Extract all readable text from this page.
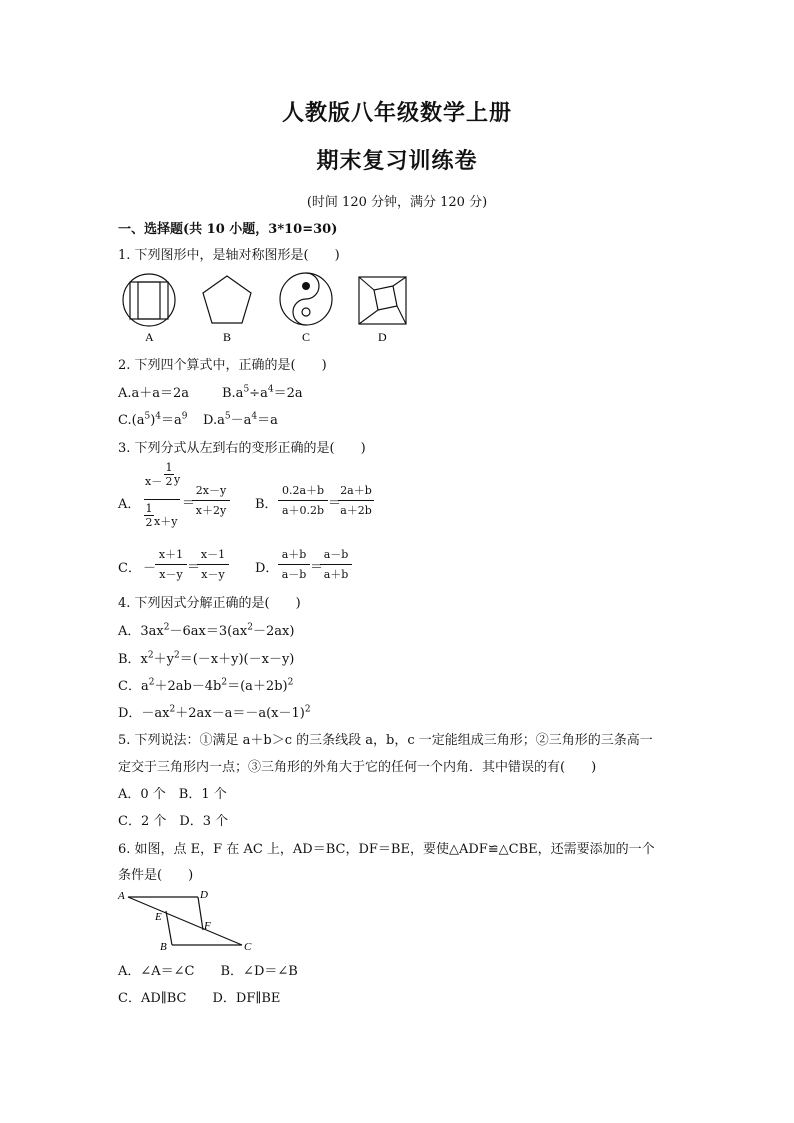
人教版八年级数学上册
期末复习训练卷
(时间 120 分钟，满分 120 分)
一、选择题(共 10 小题，3*10=30)
1. 下列图形中，是轴对称图形是(　　)
A	B	C	D
2. 下列四个算式中，正确的是(　　)
A.a＋a＝2a	$B.a^5\div a^4=2a$
$C.(a^5)^4=a^9$ $D.a^5-a^4=a$
3. 下列分式从左到右的变形正确的是(　　)
A．
x－
1
2 y
1
2 x＋y
＝
2x－y
x＋2y B．
0.2a＋b
a＋0.2b ＝
2a＋b
a＋2b
C． －
x＋1
x－y ＝
x－1
x－y	D．
a＋b
a－b ＝
a－b
a＋b
4. 下列因式分解正确的是(　　)
A．$3ax^2-6ax=3(ax^2-2ax)$
B．$x^2+y^2=(-x+y)(-x-y)$
C．$a^2+2ab-4b^2=(a+2b)^2$
D．$-ax^2+2ax-a=-a(x-1)^2$
5. 下列说法：①满足 a＋b＞c 的三条线段 a，b，c 一定能组成三角形；②三角形的三条高一
定交于三角形内一点；③三角形的外角大于它的任何一个内角．其中错误的有(　　)
A．0 个　B．1 个
C．2 个　D．3 个
6. 如图，点 E，F 在 AC 上，AD＝BC，DF＝BE，要使△ADF≌△CBE，还需要添加的一个
条件是(　　)
A	D
E
F
B	C
A．∠A＝∠C　　B．∠D＝∠B
C．AD∥BC　　D．DF∥BE
